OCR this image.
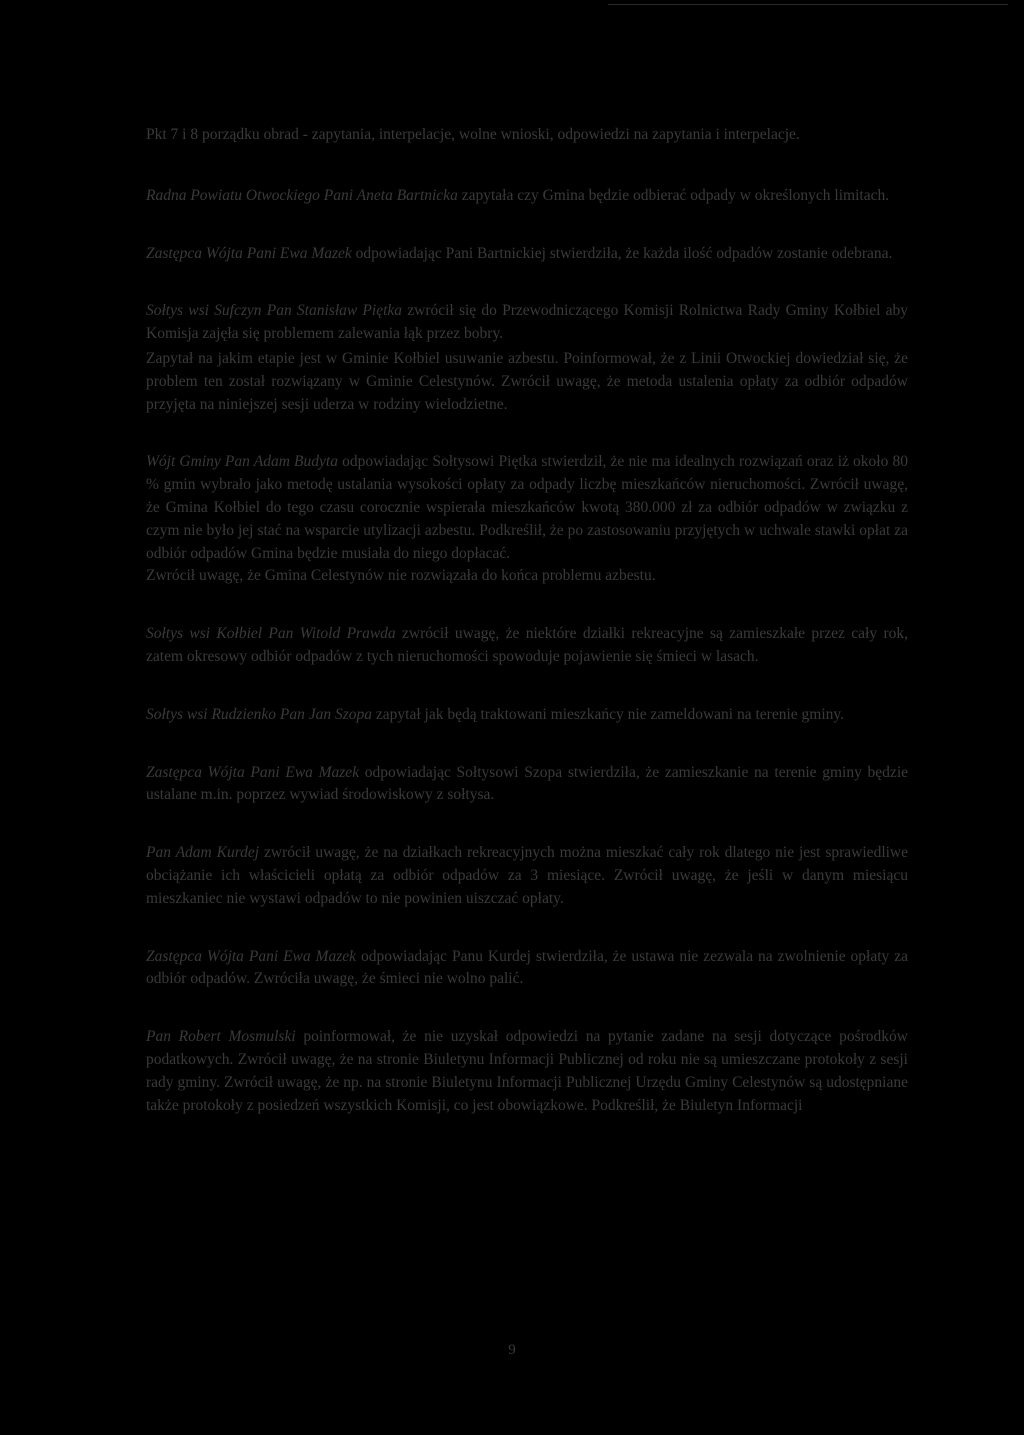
Pkt 7 i 8 porządku obrad - zapytania, interpelacje, wolne wnioski, odpowiedzi na zapytania i interpelacje.

Radna Powiatu Otwockiego Pani Aneta Bartnicka zapytała czy Gmina będzie odbierać odpady w określonych limitach.

Zastępca Wójta Pani Ewa Mazek odpowiadając Pani Bartnickiej stwierdziła, że każda ilość odpadów zostanie odebrana.

Sołtys wsi Sufczyn Pan Stanisław Piętka zwrócił się do Przewodniczącego Komisji Rolnictwa Rady Gminy Kołbiel aby Komisja zajęła się problemem zalewania łąk przez bobry.

Zapytał na jakim etapie jest w Gminie Kołbiel usuwanie azbestu. Poinformował, że z Linii Otwockiej dowiedział się, że problem ten został rozwiązany w Gminie Celestynów. Zwrócił uwagę, że metoda ustalenia opłaty za odbiór odpadów przyjęta na niniejszej sesji uderza w rodziny wielodzietne.

Wójt Gminy Pan Adam Budyta odpowiadając Sołtysowi Piętka stwierdził, że nie ma idealnych rozwiązań oraz iż około 80 % gmin wybrało jako metodę ustalania wysokości opłaty za odpady liczbę mieszkańców nieruchomości. Zwrócił uwagę, że Gmina Kołbiel do tego czasu corocznie wspierała mieszkańców kwotą 380.000 zł za odbiór odpadów w związku z czym nie było jej stać na wsparcie utylizacji azbestu. Podkreślił, że po zastosowaniu przyjętych w uchwale stawki opłat za odbiór odpadów Gmina będzie musiała do niego dopłacać.

Zwrócił uwagę, że Gmina Celestynów nie rozwiązała do końca problemu azbestu.

Sołtys wsi Kołbiel Pan Witold Prawda zwrócił uwagę, że niektóre działki rekreacyjne są zamieszkałe przez cały rok, zatem okresowy odbiór odpadów z tych nieruchomości spowoduje pojawienie się śmieci w lasach.

Sołtys wsi Rudzienko Pan Jan Szopa zapytał jak będą traktowani mieszkańcy nie zameldowani na terenie gminy.

Zastępca Wójta Pani Ewa Mazek odpowiadając Sołtysowi Szopa stwierdziła, że zamieszkanie na terenie gminy będzie ustalane m.in. poprzez wywiad środowiskowy z sołtysa.

Pan Adam Kurdej zwrócił uwagę, że na działkach rekreacyjnych można mieszkać cały rok dlatego nie jest sprawiedliwe obciążanie ich właścicieli opłatą za odbiór odpadów za 3 miesiące. Zwrócił uwagę, że jeśli w danym miesiącu mieszkaniec nie wystawi odpadów to nie powinien uiszczać opłaty.

Zastępca Wójta Pani Ewa Mazek odpowiadając Panu Kurdej stwierdziła, że ustawa nie zezwala na zwolnienie opłaty za odbiór odpadów. Zwróciła uwagę, że śmieci nie wolno palić.

Pan Robert Mosmulski poinformował, że nie uzyskał odpowiedzi na pytanie zadane na sesji dotyczące pośrodków podatkowych. Zwrócił uwagę, że na stronie Biuletynu Informacji Publicznej od roku nie są umieszczane protokoły z sesji rady gminy. Zwrócił uwagę, że np. na stronie Biuletynu Informacji Publicznej Urzędu Gminy Celestynów są udostępniane także protokoły z posiedzeń wszystkich Komisji, co jest obowiązkowe. Podkreślił, że Biuletyn Informacji

9
